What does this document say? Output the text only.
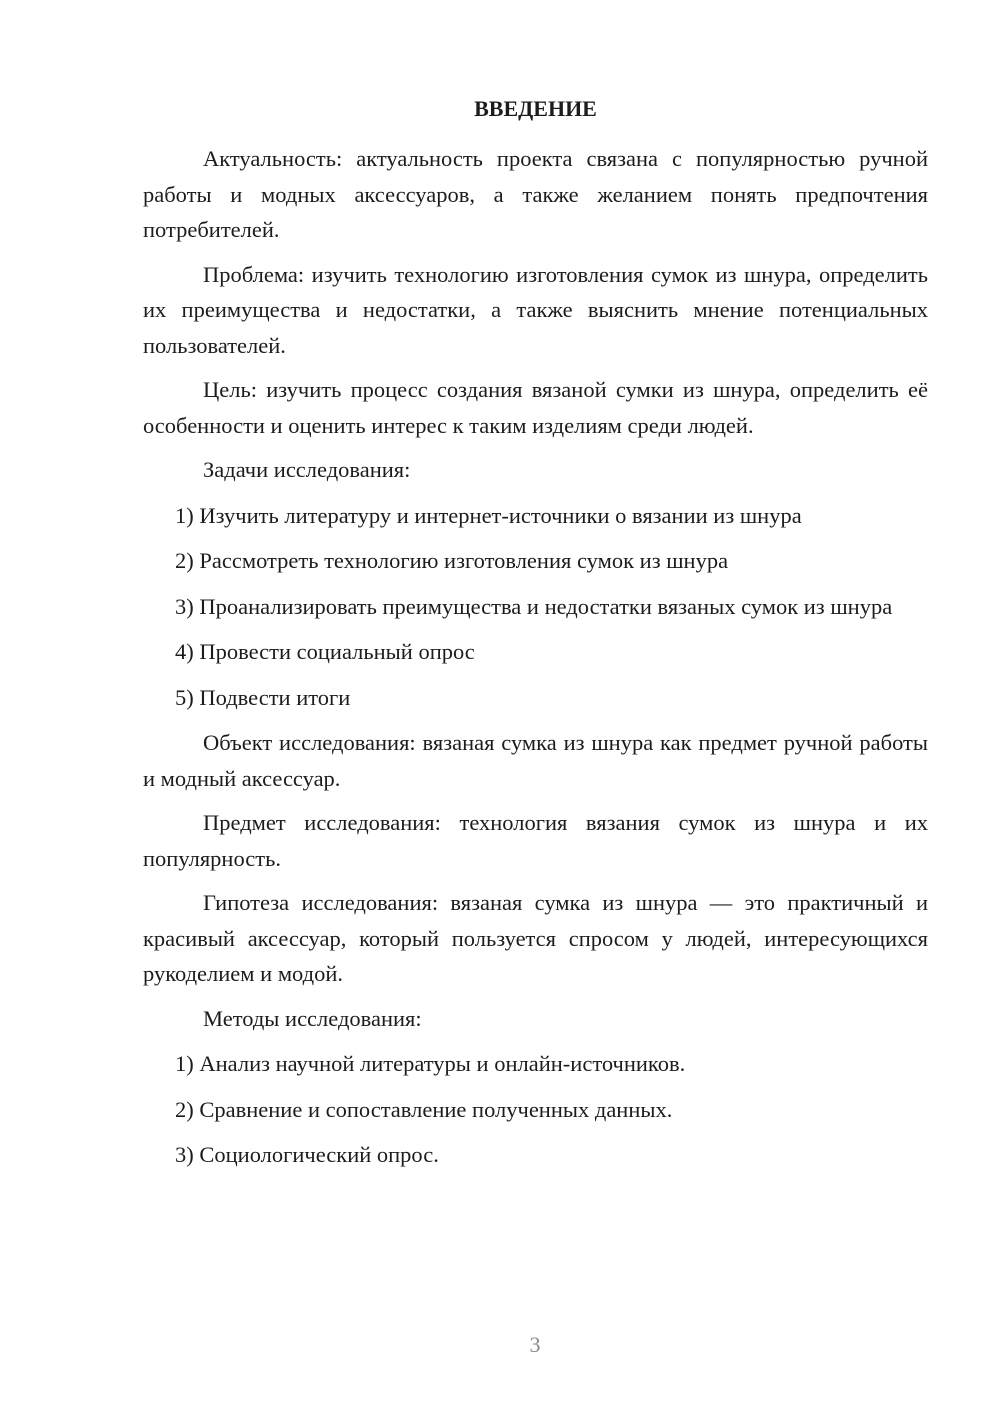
ВВЕДЕНИЕ

Актуальность: актуальность проекта связана с популярностью ручной работы и модных аксессуаров, а также желанием понять предпочтения потребителей.

Проблема: изучить технологию изготовления сумок из шнура, определить их преимущества и недостатки, а также выяснить мнение потенциальных пользователей.

Цель: изучить процесс создания вязаной сумки из шнура, определить её особенности и оценить интерес к таким изделиям среди людей.

Задачи исследования:

1) Изучить литературу и интернет-источники о вязании из шнура

2) Рассмотреть технологию изготовления сумок из шнура

3) Проанализировать преимущества и недостатки вязаных сумок из шнура

4) Провести социальный опрос

5) Подвести итоги

Объект исследования: вязаная сумка из шнура как предмет ручной работы и модный аксессуар.

Предмет исследования: технология вязания сумок из шнура и их популярность.

Гипотеза исследования: вязаная сумка из шнура — это практичный и красивый аксессуар, который пользуется спросом у людей, интересующихся рукоделием и модой.

Методы исследования:

1) Анализ научной литературы и онлайн-источников.

2) Сравнение и сопоставление полученных данных.

3) Социологический опрос.

3
